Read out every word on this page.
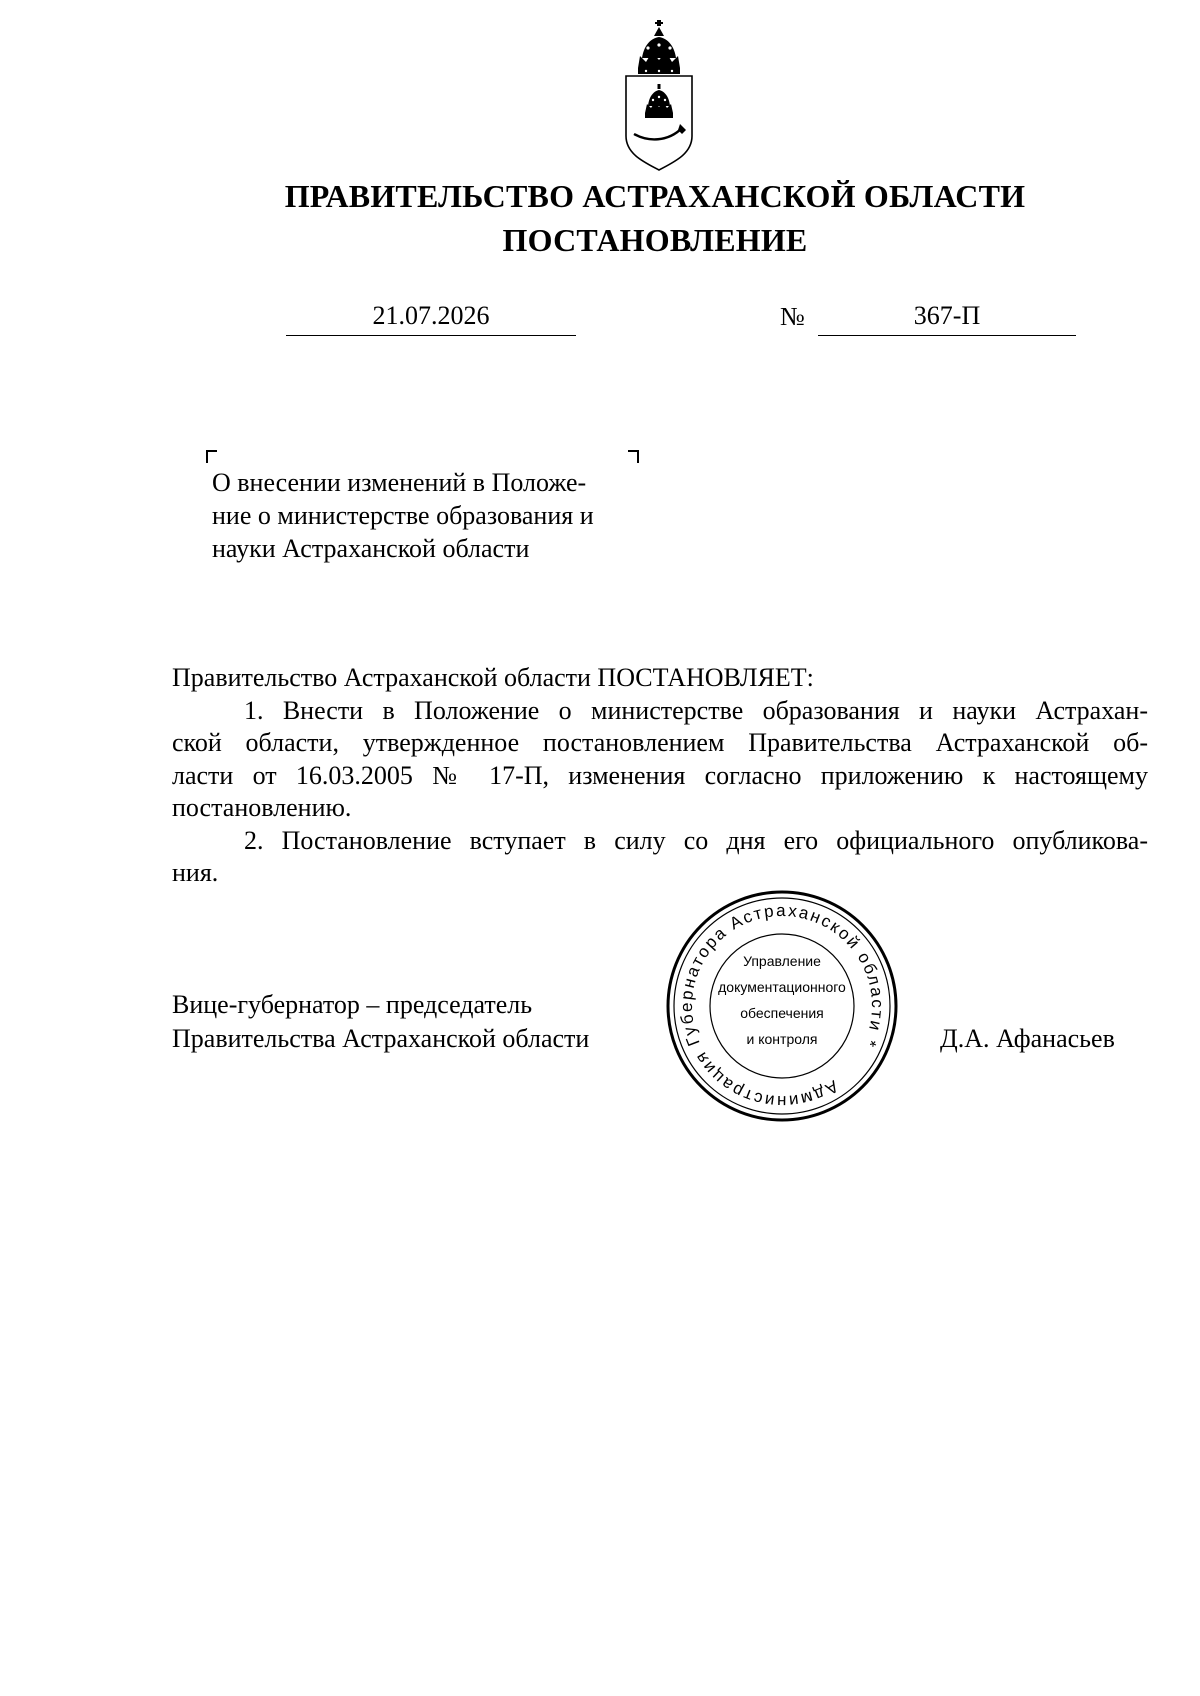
ПРАВИТЕЛЬСТВО АСТРАХАНСКОЙ ОБЛАСТИ
ПОСТАНОВЛЕНИЕ
21.07.2026	№	367-П
О внесении изменений в Положе-
ние о министерстве образования и
науки Астраханской области
Правительство Астраханской области ПОСТАНОВЛЯЕТ:
1. Внести в Положение о министерстве образования и науки Астрахан-
ской области, утвержденное постановлением Правительства Астраханской об-
ласти от 16.03.2005 № 17-П, изменения согласно приложению к настоящему
постановлению.
2. Постановление вступает в силу со дня его официального опубликова-
ния.
Вице-губернатор – председатель
Правительства Астраханской области
Администрация Губернатора Астраханской области *
Управление
документационного
обеспечения
и контроля	Д.А. Афанасьев
